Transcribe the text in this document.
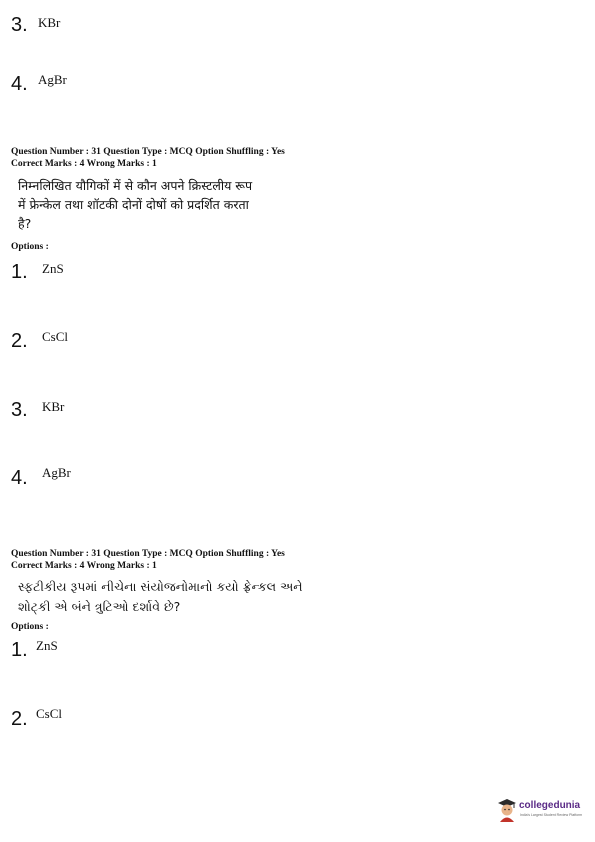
3. KBr
4. AgBr
Question Number : 31 Question Type : MCQ Option Shuffling : Yes
Correct Marks : 4 Wrong Marks : 1
निम्नलिखित यौगिकों में से कौन अपने क्रिस्टलीय रूप
में फ्रेन्केल तथा शॉटकी दोनों दोषों को प्रदर्शित करता
है?
Options :
1. ZnS
2. CsCl
3. KBr
4. AgBr
Question Number : 31 Question Type : MCQ Option Shuffling : Yes
Correct Marks : 4 Wrong Marks : 1
સ્ફટીકીય રૂપમાં નીચેના સંયોજનોમાનો કયો ફ્રેન્કલ અને
શોટ્કી એ બંને ત્રુટિઓ દર્શાવે છે?
Options :
1. ZnS
2. CsCl
collegedunia
India's Largest Student Review Platform
